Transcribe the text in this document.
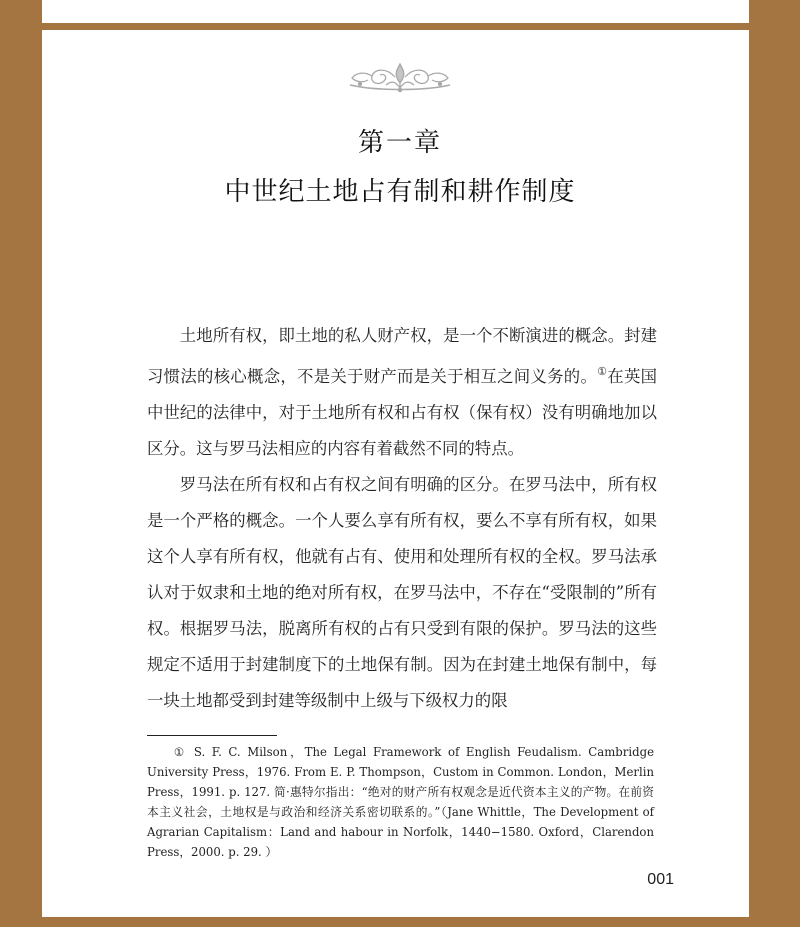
第一章
中世纪土地占有制和耕作制度

土地所有权，即土地的私人财产权，是一个不断演进的概念。封建习惯法的核心概念，不是关于财产而是关于相互之间义务的。①在英国中世纪的法律中，对于土地所有权和占有权（保有权）没有明确地加以区分。这与罗马法相应的内容有着截然不同的特点。

罗马法在所有权和占有权之间有明确的区分。在罗马法中，所有权是一个严格的概念。一个人要么享有所有权，要么不享有所有权，如果这个人享有所有权，他就有占有、使用和处理所有权的全权。罗马法承认对于奴隶和土地的绝对所有权，在罗马法中，不存在“受限制的”所有权。根据罗马法，脱离所有权的占有只受到有限的保护。罗马法的这些规定不适用于封建制度下的土地保有制。因为在封建土地保有制中，每一块土地都受到封建等级制中上级与下级权力的限

① S. F. C. Milson，The Legal Framework of English Feudalism. Cambridge University Press，1976. From E. P. Thompson，Custom in Common. London，Merlin Press，1991. p. 127. 简·惠特尔指出：“绝对的财产所有权观念是近代资本主义的产物。在前资本主义社会，土地权是与政治和经济关系密切联系的。”（Jane Whittle，The Development of Agrarian Capitalism：Land and habour in Norfolk，1440−1580. Oxford，Clarendon Press，2000. p. 29. ）
001
